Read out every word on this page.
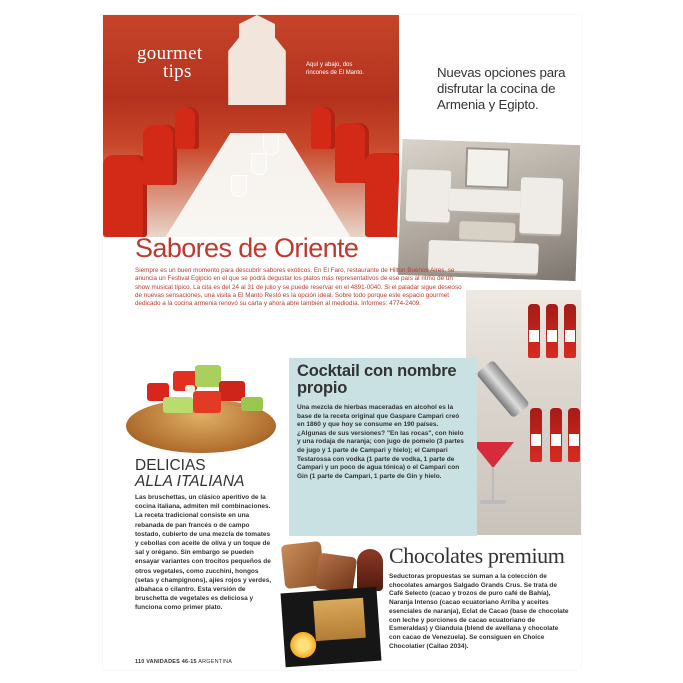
gourmet
tips	Aquí y abajo, dos rincones de El Manto.	Nuevas opciones para disfrutar la cocina de Armenia y Egipto.
Sabores de Oriente
Siempre es un buen momento para descubrir sabores exóticos. En El Faro, restaurante de Hilton Buenos Aires, se anuncia un Festival Egipcio en el que se podrá degustar los platos más representativos de ese país al ritmo de un show musical típico. La cita es del 24 al 31 de julio y se puede reservar en el 4891-0040. Si el paladar sigue deseoso de nuevas sensaciones, una visita a El Manto Restó es la opción ideal. Sobre todo porque este espacio gourmet dedicado a la cocina armenia renovó su carta y ahora abre también al mediodía. Informes: 4774-2409.
Cocktail con nombre propio
Una mezcla de hierbas maceradas en alcohol es la base de la receta original que Gaspare Campari creó en 1860 y que hoy se consume en 190 países. ¿Algunas de sus versiones? "En las rocas", con hielo y una rodaja de naranja; con jugo de pomelo (3 partes de jugo y 1 parte de Campari y hielo); el Campari Testarossa con vodka (1 parte de vodka, 1 parte de Campari y un poco de agua tónica) o el Campari con Gin (1 parte de Campari, 1 parte de Gin y hielo.
DELICIAS
ALLA ITALIANA
Las bruschettas, un clásico aperitivo de la cocina italiana, admiten mil combinaciones. La receta tradicional consiste en una rebanada de pan francés o de campo tostado, cubierto de una mezcla de tomates y cebollas con aceite de oliva y un toque de sal y orégano. Sin embargo se pueden ensayar variantes con trocitos pequeños de otros vegetales, como zucchini, hongos (setas y champignons), ajíes rojos y verdes, albahaca o cilantro. Esta versión de bruschetta de vegetales es deliciosa y funciona como primer plato.
Chocolates premium
Seductoras propuestas se suman a la colección de chocolates amargos Salgado Grands Crus. Se trata de Café Selecto (cacao y trozos de puro café de Bahía), Naranja Intenso (cacao ecuatoriano Arriba y aceites esenciales de naranja), Eclat de Cacao (base de chocolate con leche y porciones de cacao ecuatoriano de Esmeraldas) y Gianduia (blend de avellana y chocolate con cacao de Venezuela). Se consiguen en Choice Chocolatier (Callao 2034).
110 VANIDADES 46-15 ARGENTINA
